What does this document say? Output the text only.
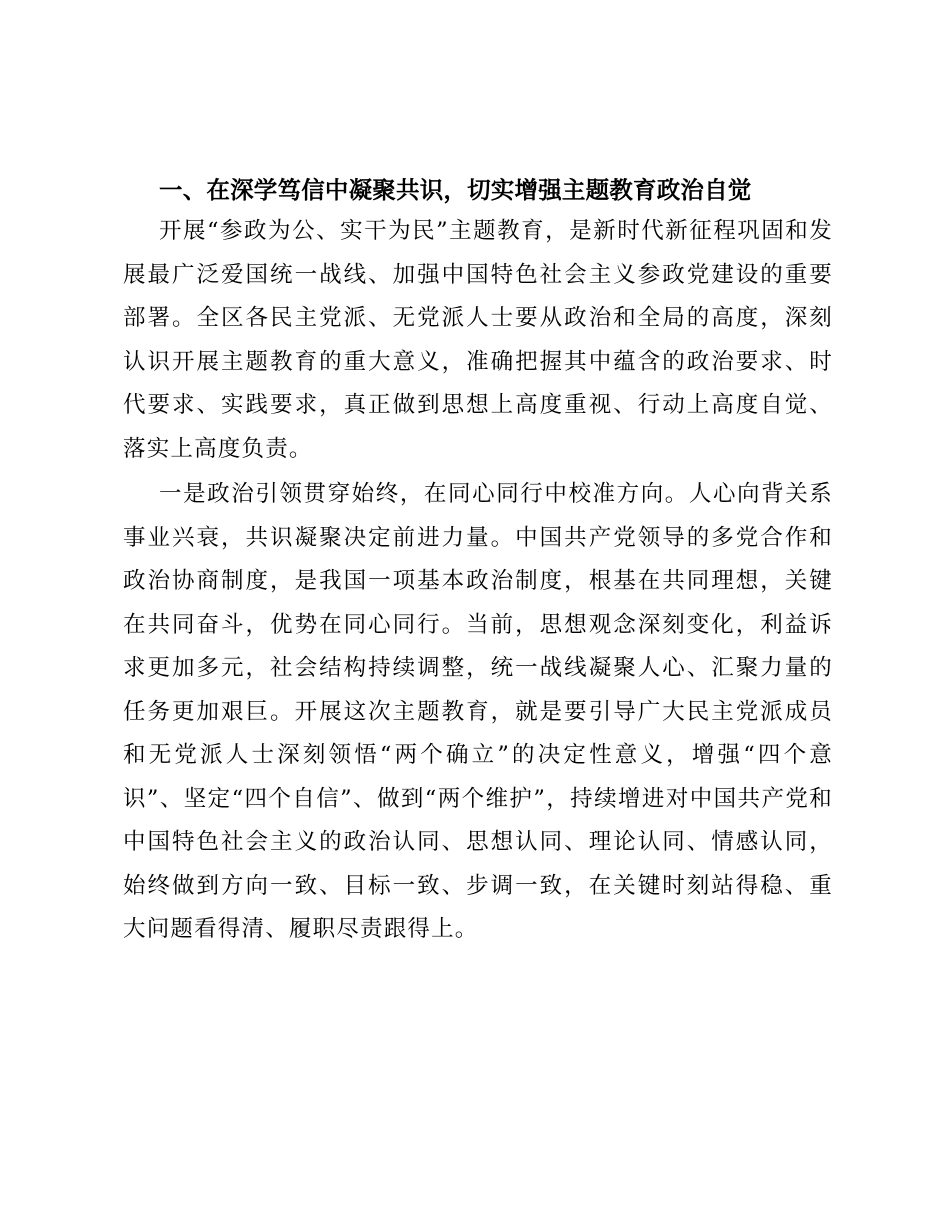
一、在深学笃信中凝聚共识，切实增强主题教育政治自觉

开展“参政为公、实干为民”主题教育，是新时代新征程巩固和发展最广泛爱国统一战线、加强中国特色社会主义参政党建设的重要部署。全区各民主党派、无党派人士要从政治和全局的高度，深刻认识开展主题教育的重大意义，准确把握其中蕴含的政治要求、时代要求、实践要求，真正做到思想上高度重视、行动上高度自觉、落实上高度负责。

一是政治引领贯穿始终，在同心同行中校准方向。人心向背关系事业兴衰，共识凝聚决定前进力量。中国共产党领导的多党合作和政治协商制度，是我国一项基本政治制度，根基在共同理想，关键在共同奋斗，优势在同心同行。当前，思想观念深刻变化，利益诉求更加多元，社会结构持续调整，统一战线凝聚人心、汇聚力量的任务更加艰巨。开展这次主题教育，就是要引导广大民主党派成员和无党派人士深刻领悟“两个确立”的决定性意义，增强“四个意识”、坚定“四个自信”、做到“两个维护”，持续增进对中国共产党和中国特色社会主义的政治认同、思想认同、理论认同、情感认同，始终做到方向一致、目标一致、步调一致，在关键时刻站得稳、重大问题看得清、履职尽责跟得上。
